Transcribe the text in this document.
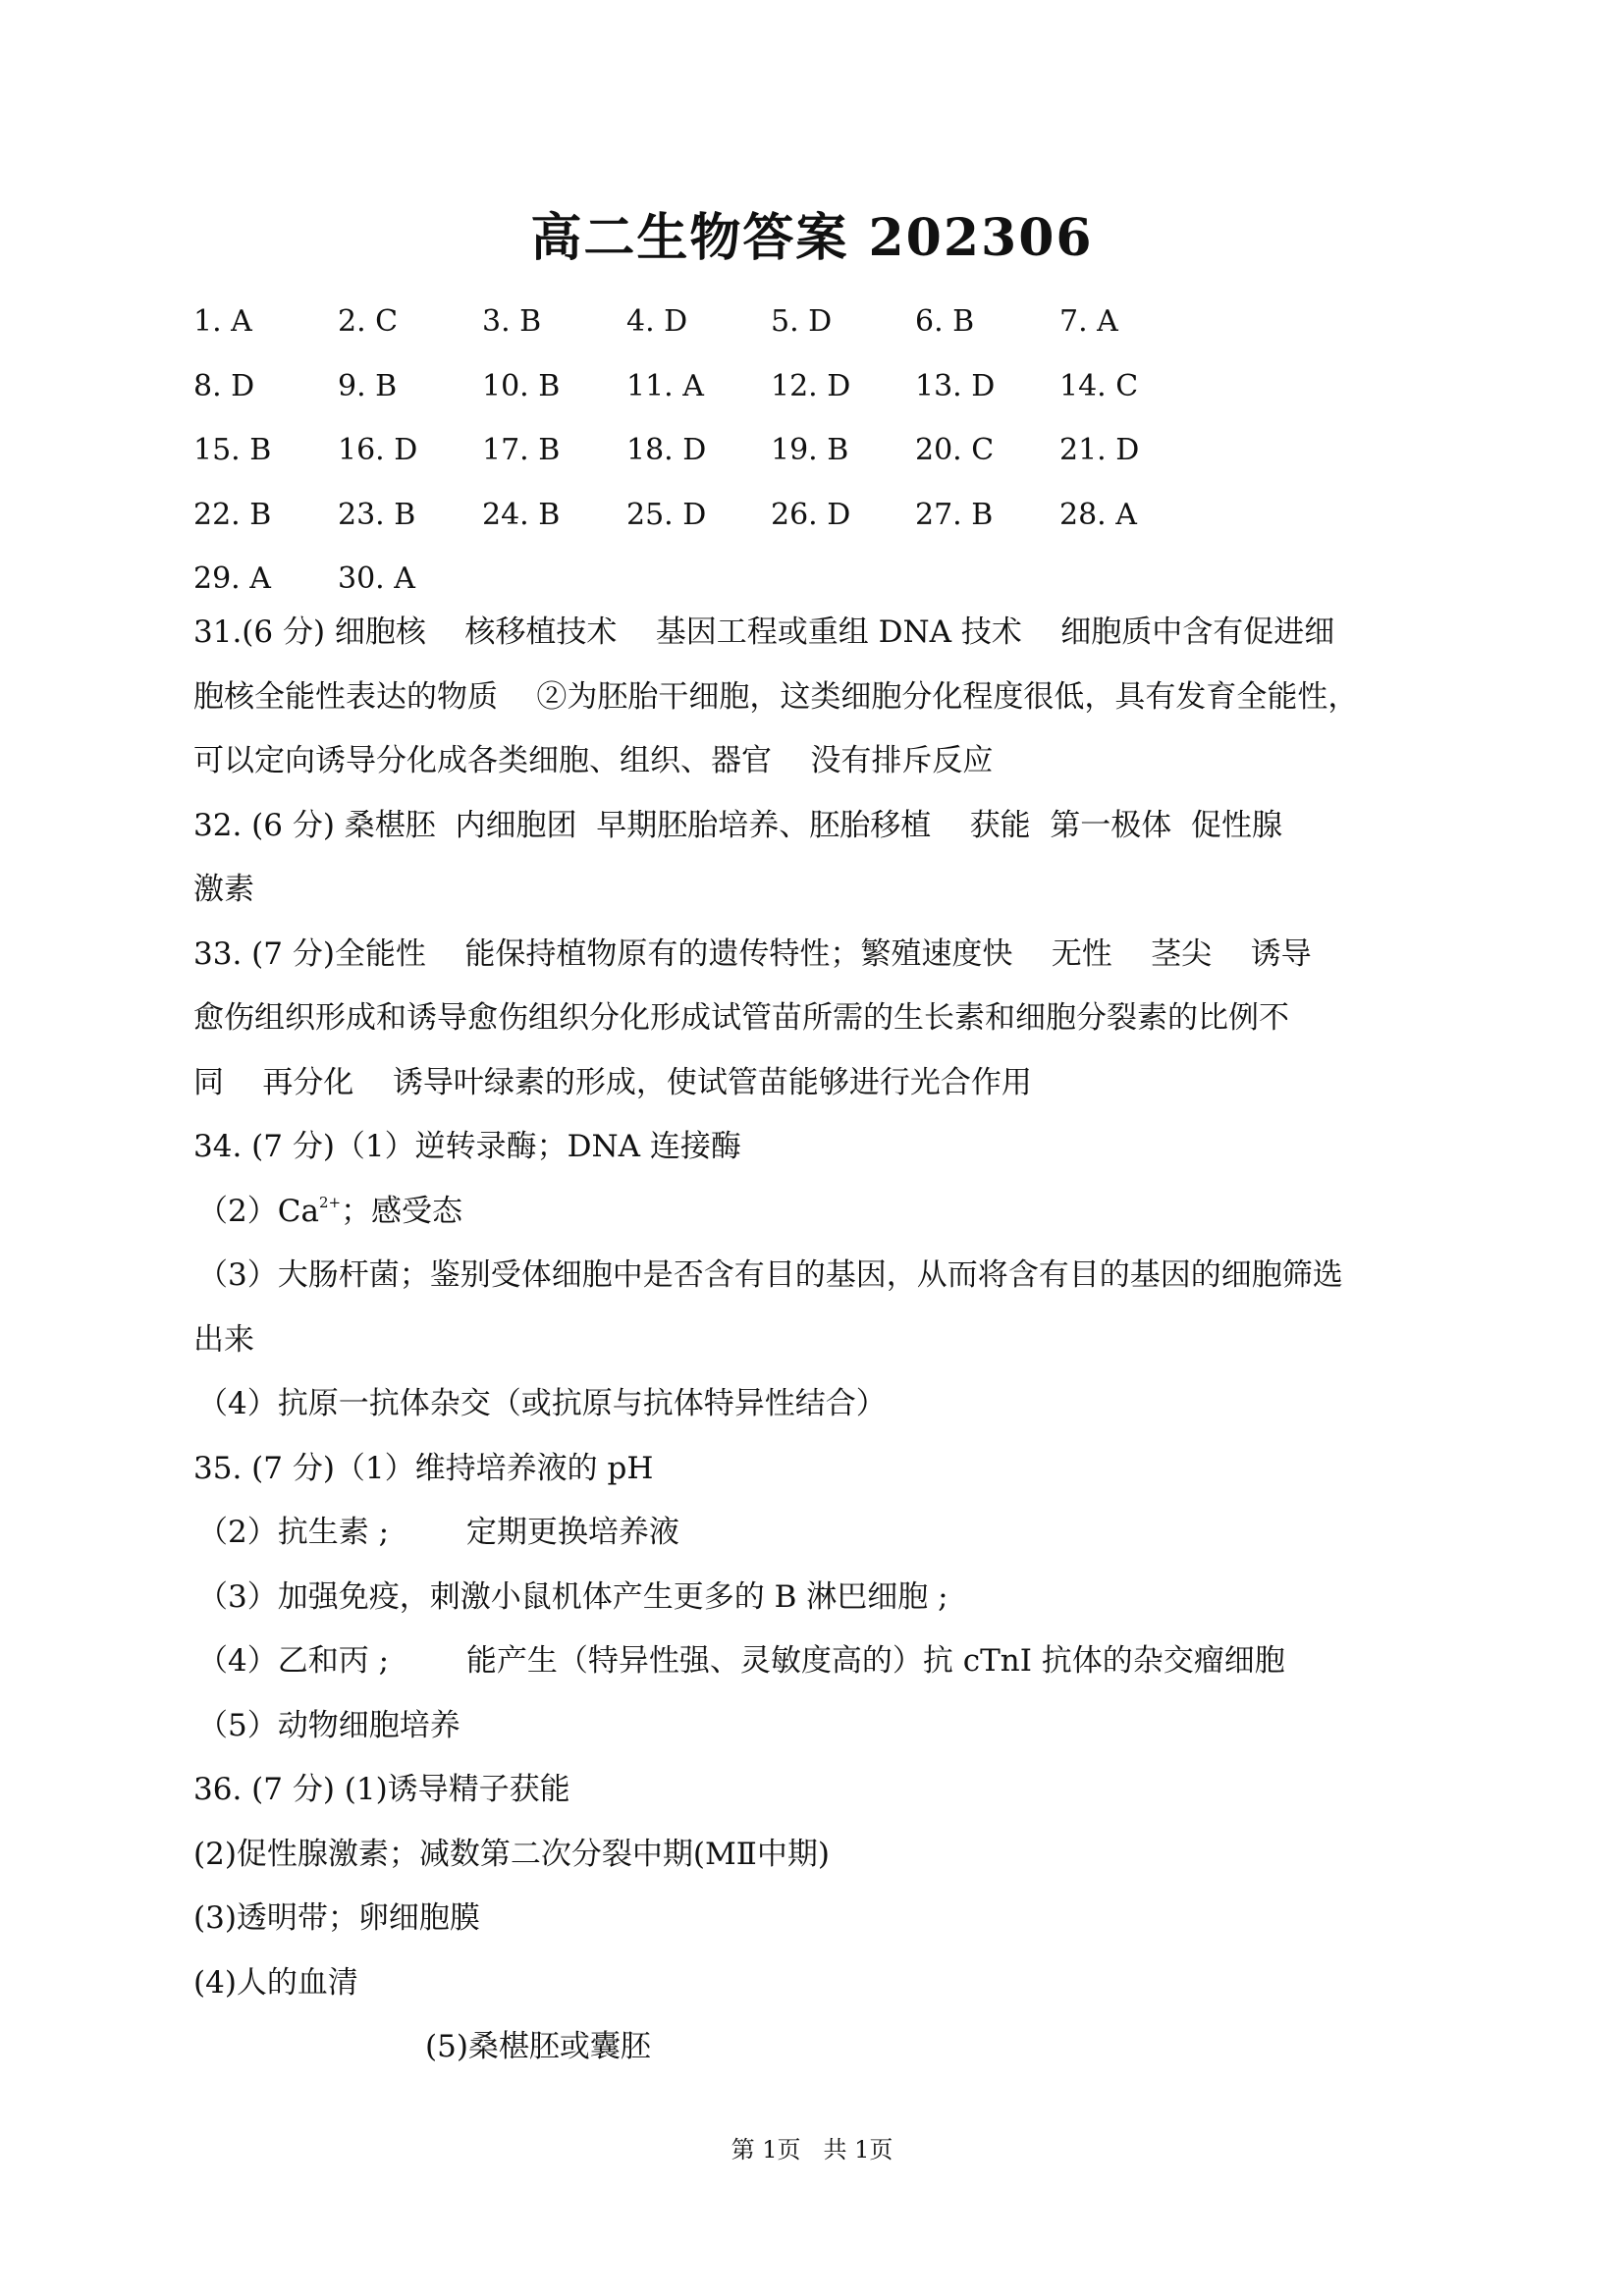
高二生物答案 202306
1. A	2. C	3. B	4. D	5. D	6. B	7. A
8. D	9. B	10. B	11. A	12. D	13. D	14. C
15. B	16. D	17. B	18. D	19. B	20. C	21. D
22. B	23. B	24. B	25. D	26. D	27. B	28. A
29. A	30. A
31.(6 分) 细胞核    核移植技术    基因工程或重组 DNA 技术    细胞质中含有促进细
胞核全能性表达的物质    ②为胚胎干细胞，这类细胞分化程度很低，具有发育全能性，
可以定向诱导分化成各类细胞、组织、器官    没有排斥反应
32. (6 分) 桑椹胚  内细胞团  早期胚胎培养、胚胎移植    获能  第一极体  促性腺
激素
33. (7 分)全能性    能保持植物原有的遗传特性；繁殖速度快    无性    茎尖    诱导
愈伤组织形成和诱导愈伤组织分化形成试管苗所需的生长素和细胞分裂素的比例不
同    再分化    诱导叶绿素的形成，使试管苗能够进行光合作用
34. (7 分)（1）逆转录酶；DNA 连接酶
$(2)Ca^{2+}$；感受态
（3）大肠杆菌；鉴别受体细胞中是否含有目的基因，从而将含有目的基因的细胞筛选
出来
（4）抗原一抗体杂交（或抗原与抗体特异性结合）
35. (7 分)（1）维持培养液的 pH
（2）抗生素 ;        定期更换培养液
（3）加强免疫，刺激小鼠机体产生更多的 B 淋巴细胞 ;
（4）乙和丙 ;        能产生（特异性强、灵敏度高的）抗 cTnI 抗体的杂交瘤细胞
（5）动物细胞培养
36. (7 分) (1)诱导精子获能
(2)促性腺激素；减数第二次分裂中期(MⅡ中期)
(3)透明带；卵细胞膜
(4)人的血清
(5)桑椹胚或囊胚
第 1页   共 1页
